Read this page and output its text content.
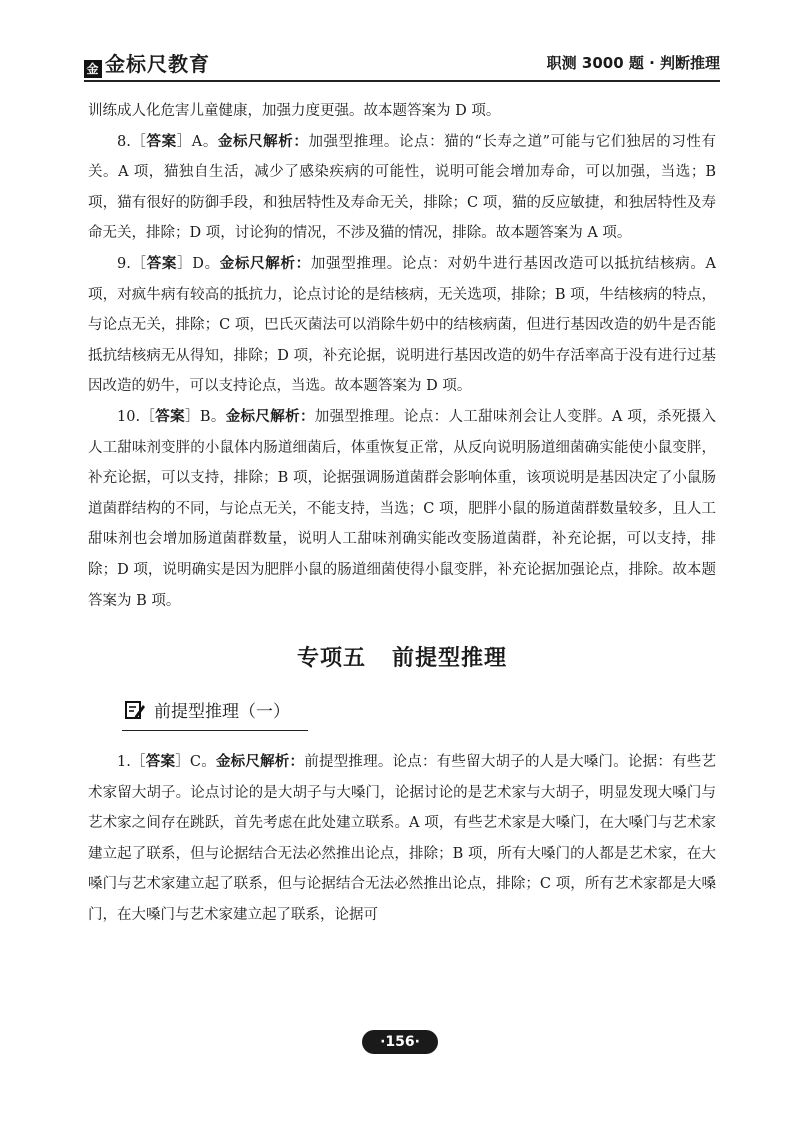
金 金标尺教育	职测 3000 题 · 判断推理

训练成人化危害儿童健康，加强力度更强。故本题答案为 D 项。

8.［答案］A。金标尺解析：加强型推理。论点：猫的“长寿之道”可能与它们独居的习性有关。A 项，猫独自生活，减少了感染疾病的可能性，说明可能会增加寿命，可以加强，当选；B 项，猫有很好的防御手段，和独居特性及寿命无关，排除；C 项，猫的反应敏捷，和独居特性及寿命无关，排除；D 项，讨论狗的情况，不涉及猫的情况，排除。故本题答案为 A 项。

9.［答案］D。金标尺解析：加强型推理。论点：对奶牛进行基因改造可以抵抗结核病。A 项，对疯牛病有较高的抵抗力，论点讨论的是结核病，无关选项，排除；B 项，牛结核病的特点，与论点无关，排除；C 项，巴氏灭菌法可以消除牛奶中的结核病菌，但进行基因改造的奶牛是否能抵抗结核病无从得知，排除；D 项，补充论据，说明进行基因改造的奶牛存活率高于没有进行过基因改造的奶牛，可以支持论点，当选。故本题答案为 D 项。

10.［答案］B。金标尺解析：加强型推理。论点：人工甜味剂会让人变胖。A 项，杀死摄入人工甜味剂变胖的小鼠体内肠道细菌后，体重恢复正常，从反向说明肠道细菌确实能使小鼠变胖，补充论据，可以支持，排除；B 项，论据强调肠道菌群会影响体重，该项说明是基因决定了小鼠肠道菌群结构的不同，与论点无关，不能支持，当选；C 项，肥胖小鼠的肠道菌群数量较多，且人工甜味剂也会增加肠道菌群数量，说明人工甜味剂确实能改变肠道菌群，补充论据，可以支持，排除；D 项，说明确实是因为肥胖小鼠的肠道细菌使得小鼠变胖，补充论据加强论点，排除。故本题答案为 B 项。

专项五 前提型推理
前提型推理（一）

1.［答案］C。金标尺解析：前提型推理。论点：有些留大胡子的人是大嗓门。论据：有些艺术家留大胡子。论点讨论的是大胡子与大嗓门，论据讨论的是艺术家与大胡子，明显发现大嗓门与艺术家之间存在跳跃，首先考虑在此处建立联系。A 项，有些艺术家是大嗓门，在大嗓门与艺术家建立起了联系，但与论据结合无法必然推出论点，排除；B 项，所有大嗓门的人都是艺术家，在大嗓门与艺术家建立起了联系，但与论据结合无法必然推出论点，排除；C 项，所有艺术家都是大嗓门，在大嗓门与艺术家建立起了联系，论据可

·156·
